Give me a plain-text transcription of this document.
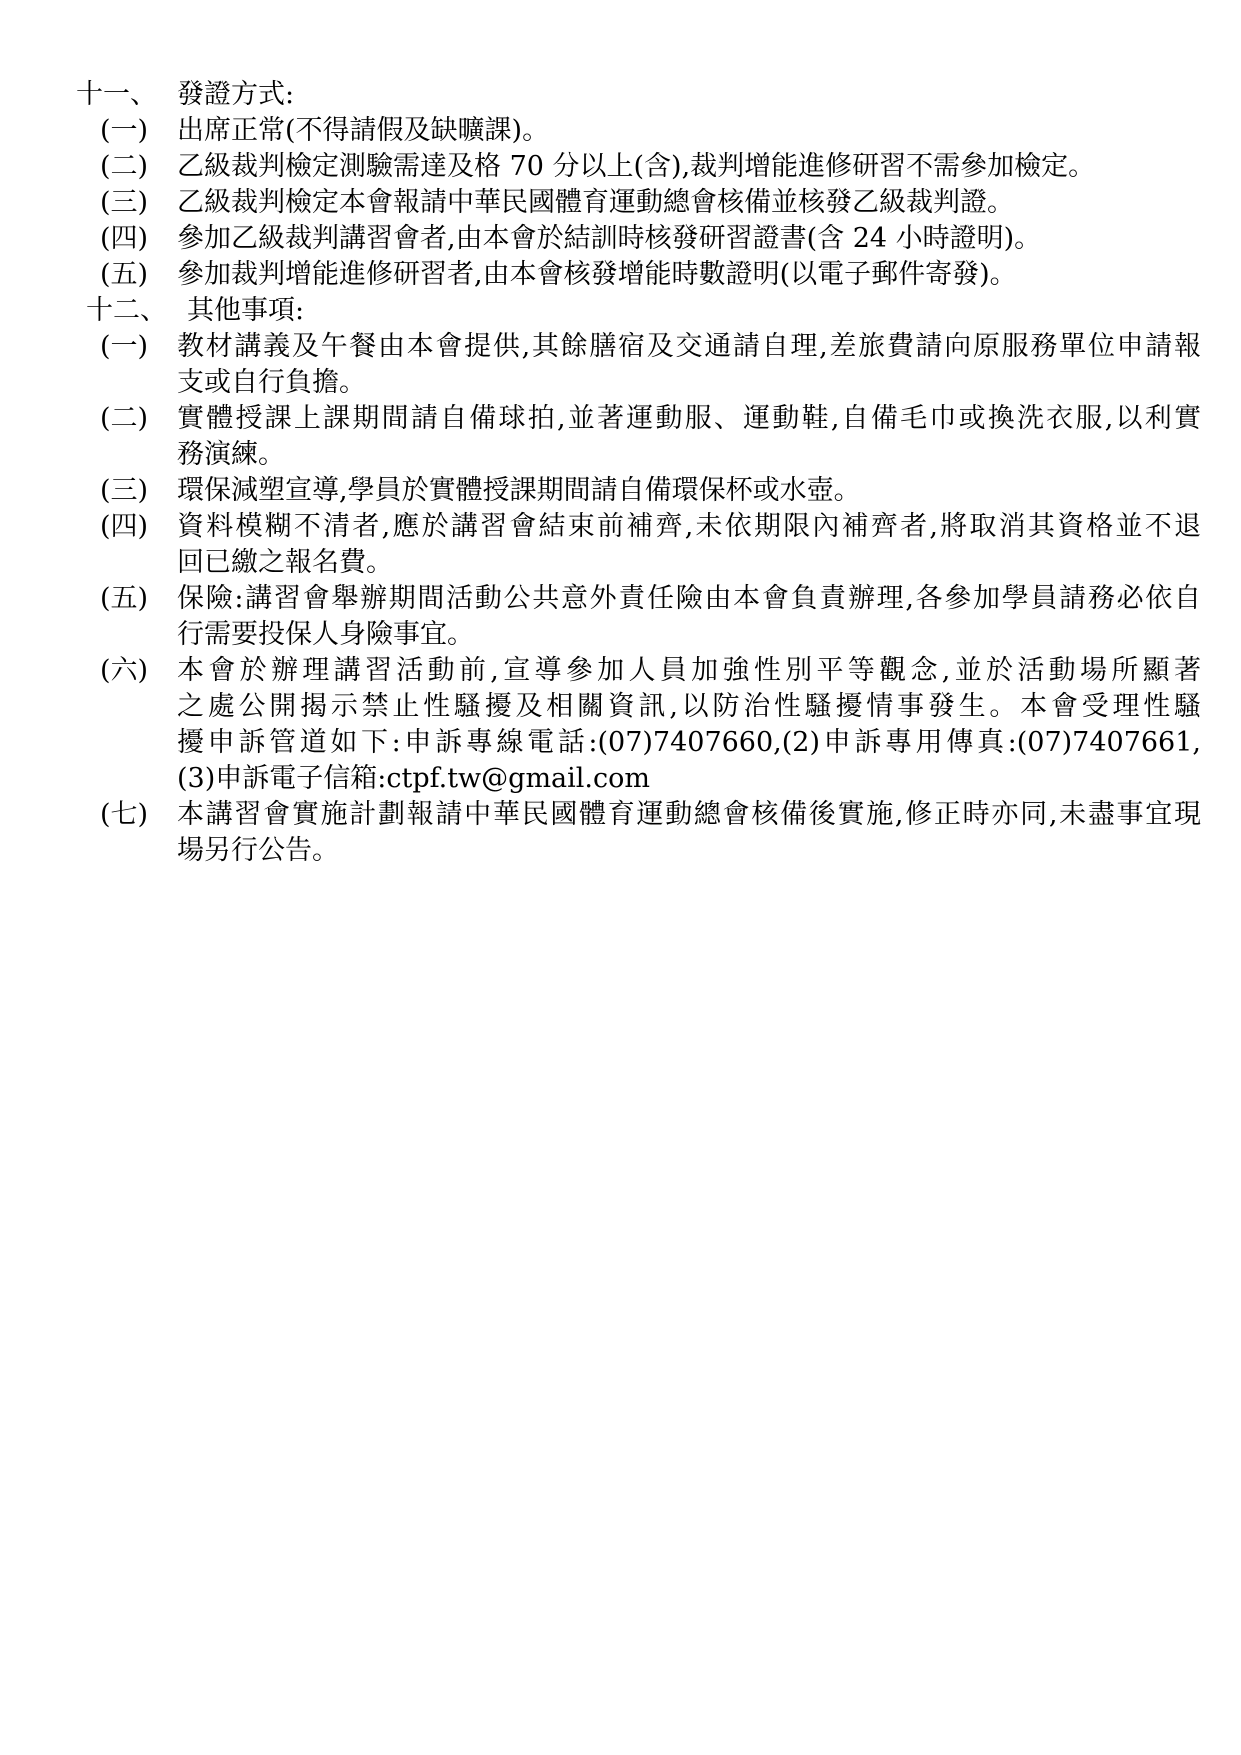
十一、 發證方式:
(一)	出席正常(不得請假及缺曠課)。
(二)	乙級裁判檢定測驗需達及格 70 分以上(含),裁判增能進修研習不需參加檢定。
(三)	乙級裁判檢定本會報請中華民國體育運動總會核備並核發乙級裁判證。
(四)	參加乙級裁判講習會者,由本會於結訓時核發研習證書(含 24 小時證明)。
(五)	參加裁判增能進修研習者,由本會核發增能時數證明(以電子郵件寄發)。
十二、 其他事項:
(一)	教材講義及午餐由本會提供,其餘膳宿及交通請自理,差旅費請向原服務單位申請報
支或自行負擔。
(二)	實體授課上課期間請自備球拍,並著運動服、運動鞋,自備毛巾或換洗衣服,以利實
務演練。
(三)	環保減塑宣導,學員於實體授課期間請自備環保杯或水壺。
(四)	資料模糊不清者,應於講習會結束前補齊,未依期限內補齊者,將取消其資格並不退
回已繳之報名費。
(五)	保險:講習會舉辦期間活動公共意外責任險由本會負責辦理,各參加學員請務必依自
行需要投保人身險事宜。
(六)	本會於辦理講習活動前,宣導參加人員加強性別平等觀念,並於活動場所顯著
之處公開揭示禁止性騷擾及相關資訊,以防治性騷擾情事發生。本會受理性騷
擾申訴管道如下:申訴專線電話:(07)7407660,(2)申訴專用傳真:(07)7407661,
(3)申訴電子信箱:ctpf.tw@gmail.com
(七)	本講習會實施計劃報請中華民國體育運動總會核備後實施,修正時亦同,未盡事宜現
場另行公告。
